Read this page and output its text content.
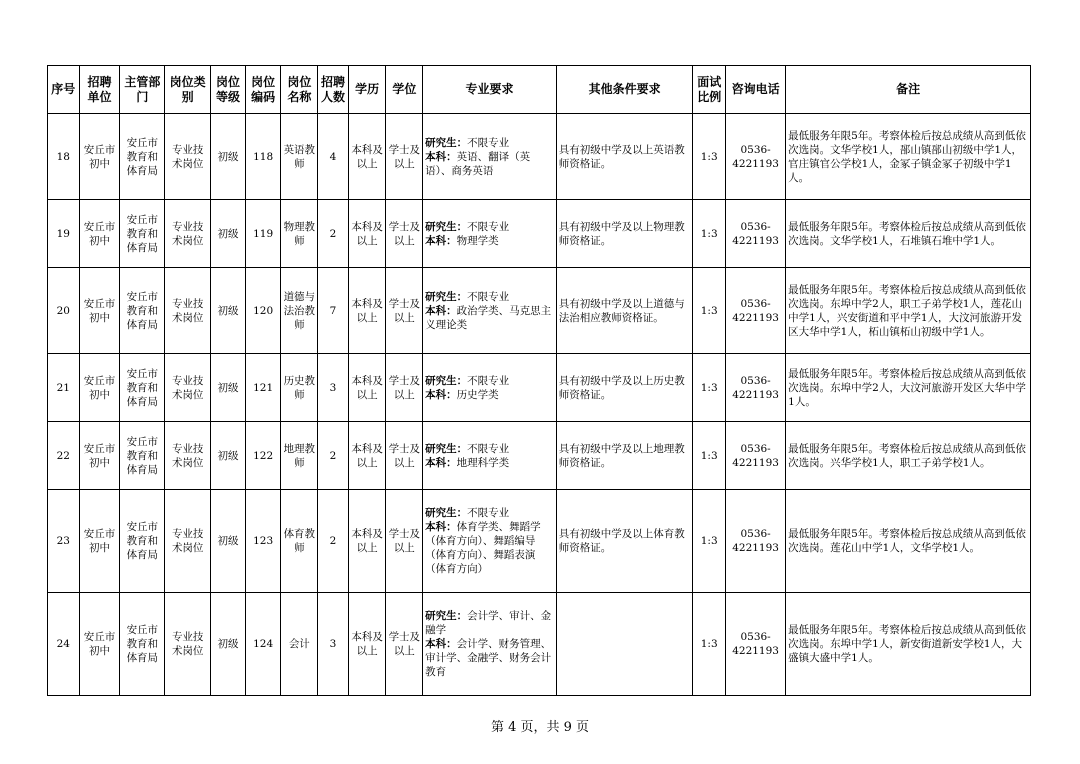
序号	招聘单位	主管部门	岗位类别	岗位等级	岗位编码	岗位名称	招聘人数	学历	学位	专业要求	其他条件要求	面试比例	咨询电话	备注
18	安丘市初中	安丘市教育和体育局	专业技术岗位	初级	118	英语教师	4	本科及以上	学士及以上	研究生：不限专业
本科：英语、翻译（英语）、商务英语	具有初级中学及以上英语教师资格证。	1:3	0536-4221193	最低服务年限5年。考察体检后按总成绩从高到低依次选岗。文华学校1人，郚山镇郚山初级中学1人，官庄镇官公学校1人，金冢子镇金冢子初级中学1人。
19	安丘市初中	安丘市教育和体育局	专业技术岗位	初级	119	物理教师	2	本科及以上	学士及以上	研究生：不限专业
本科：物理学类	具有初级中学及以上物理教师资格证。	1:3	0536-4221193	最低服务年限5年。考察体检后按总成绩从高到低依次选岗。文华学校1人，石堆镇石堆中学1人。
20	安丘市初中	安丘市教育和体育局	专业技术岗位	初级	120	道德与法治教师	7	本科及以上	学士及以上	研究生：不限专业
本科：政治学类、马克思主义理论类	具有初级中学及以上道德与法治相应教师资格证。	1:3	0536-4221193	最低服务年限5年。考察体检后按总成绩从高到低依次选岗。东埠中学2人，职工子弟学校1人，莲花山中学1人，兴安街道和平中学1人，大汶河旅游开发区大华中学1人，柘山镇柘山初级中学1人。
21	安丘市初中	安丘市教育和体育局	专业技术岗位	初级	121	历史教师	3	本科及以上	学士及以上	研究生：不限专业
本科：历史学类	具有初级中学及以上历史教师资格证。	1:3	0536-4221193	最低服务年限5年。考察体检后按总成绩从高到低依次选岗。东埠中学2人，大汶河旅游开发区大华中学1人。
22	安丘市初中	安丘市教育和体育局	专业技术岗位	初级	122	地理教师	2	本科及以上	学士及以上	研究生：不限专业
本科：地理科学类	具有初级中学及以上地理教师资格证。	1:3	0536-4221193	最低服务年限5年。考察体检后按总成绩从高到低依次选岗。兴华学校1人，职工子弟学校1人。
23	安丘市初中	安丘市教育和体育局	专业技术岗位	初级	123	体育教师	2	本科及以上	学士及以上	研究生：不限专业
本科：体育学类、舞蹈学（体育方向）、舞蹈编导（体育方向）、舞蹈表演（体育方向）	具有初级中学及以上体育教师资格证。	1:3	0536-4221193	最低服务年限5年。考察体检后按总成绩从高到低依次选岗。莲花山中学1人，文华学校1人。
24	安丘市初中	安丘市教育和体育局	专业技术岗位	初级	124	会计	3	本科及以上	学士及以上	研究生：会计学、审计、金融学
本科：会计学、财务管理、审计学、金融学、财务会计教育		1:3	0536-4221193	最低服务年限5年。考察体检后按总成绩从高到低依次选岗。东埠中学1人，新安街道新安学校1人，大盛镇大盛中学1人。
第 4 页，共 9 页
